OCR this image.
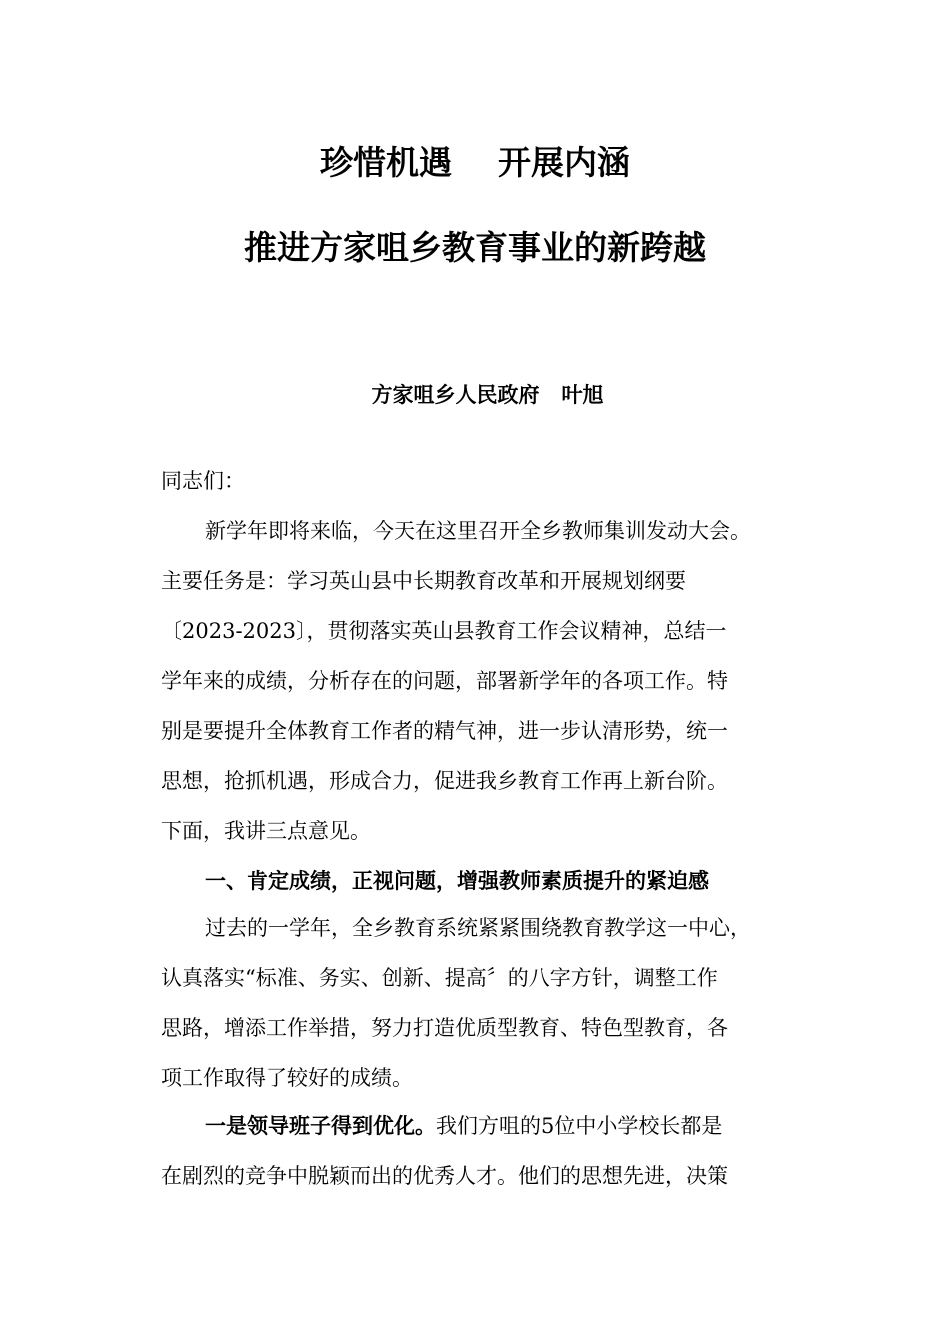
珍惜机遇    开展内涵
推进方家咀乡教育事业的新跨越
方家咀乡人民政府   叶旭
同志们：
新学年即将来临，今天在这里召开全乡教师集训发动大会。
主要任务是：学习英山县中长期教育改革和开展规划纲要
〔2023-2023〕，贯彻落实英山县教育工作会议精神，总结一
学年来的成绩，分析存在的问题，部署新学年的各项工作。特
别是要提升全体教育工作者的精气神，进一步认清形势，统一
思想，抢抓机遇，形成合力，促进我乡教育工作再上新台阶。
下面，我讲三点意见。
一、肯定成绩，正视问题，增强教师素质提升的紧迫感
过去的一学年，全乡教育系统紧紧围绕教育教学这一中心，
认真落实“标准、务实、创新、提高〞的八字方针，调整工作
思路，增添工作举措，努力打造优质型教育、特色型教育，各
项工作取得了较好的成绩。
一是领导班子得到优化。我们方咀的5位中小学校长都是
在剧烈的竞争中脱颖而出的优秀人才。他们的思想先进，决策
